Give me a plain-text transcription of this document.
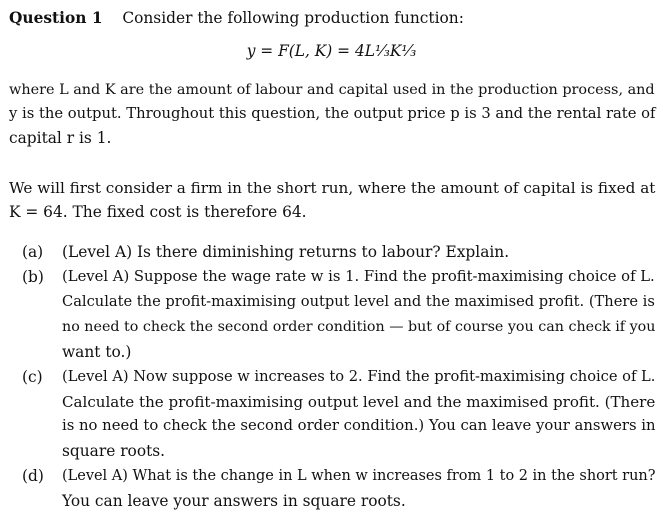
Question 1 Consider the following production function:
y = F(L, K) = 4L¹⁄₃K¹⁄₃
where L and K are the amount of labour and capital used in the production process, and
y is the output. Throughout this question, the output price p is 3 and the rental rate of
capital r is 1.
We will first consider a firm in the short run, where the amount of capital is fixed at
K = 64. The fixed cost is therefore 64.
(a) (Level A) Is there diminishing returns to labour? Explain.
(b) (Level A) Suppose the wage rate w is 1. Find the profit-maximising choice of L.
Calculate the profit-maximising output level and the maximised profit. (There is
no need to check the second order condition — but of course you can check if you
want to.)
(c) (Level A) Now suppose w increases to 2. Find the profit-maximising choice of L.
Calculate the profit-maximising output level and the maximised profit. (There
is no need to check the second order condition.) You can leave your answers in
square roots.
(d) (Level A) What is the change in L when w increases from 1 to 2 in the short run?
You can leave your answers in square roots.
